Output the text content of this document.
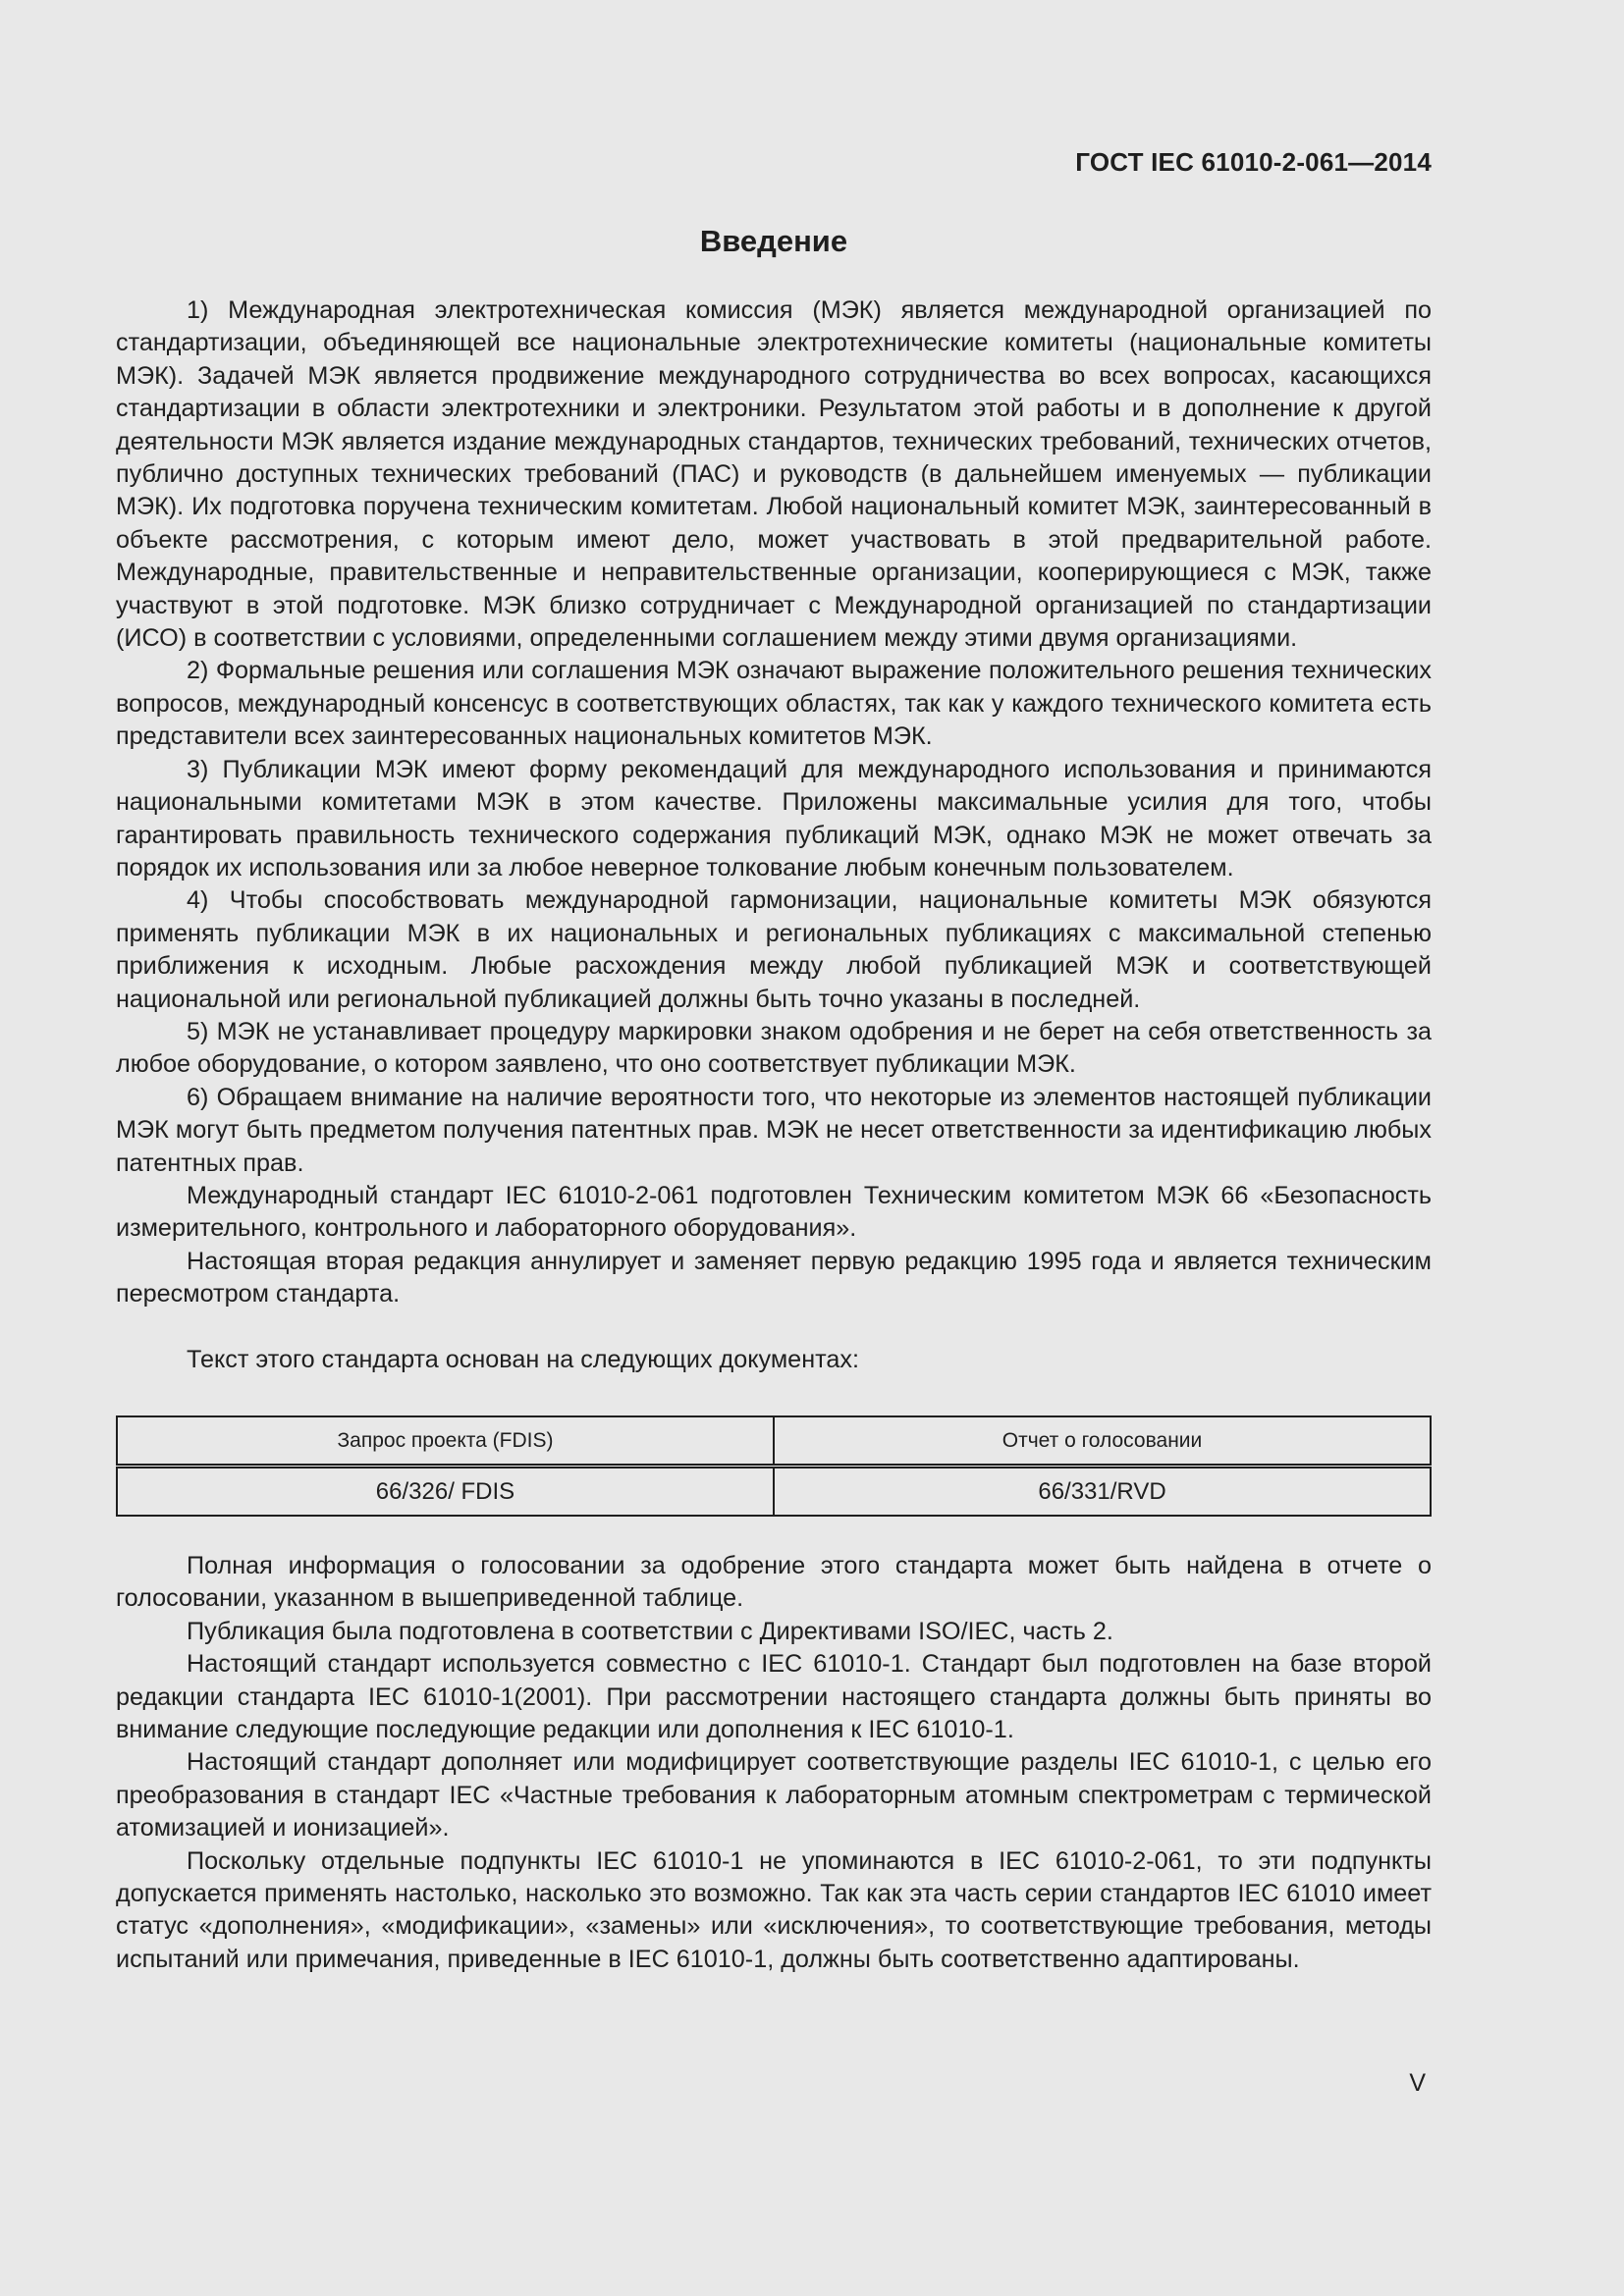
ГОСТ IEC 61010-2-061—2014
Введение

1) Международная электротехническая комиссия (МЭК) является международной организацией по стандартизации, объединяющей все национальные электротехнические комитеты (национальные комитеты МЭК). Задачей МЭК является продвижение международного сотрудничества во всех вопросах, касающихся стандартизации в области электротехники и электроники. Результатом этой работы и в дополнение к другой деятельности МЭК является издание международных стандартов, технических требований, технических отчетов, публично доступных технических требований (ПАС) и руководств (в дальнейшем именуемых — публикации МЭК). Их подготовка поручена техническим комитетам. Любой национальный комитет МЭК, заинтересованный в объекте рассмотрения, с которым имеют дело, может участвовать в этой предварительной работе. Международные, правительственные и неправительственные организации, кооперирующиеся с МЭК, также участвуют в этой подготовке. МЭК близко сотрудничает с Международной организацией по стандартизации (ИСО) в соответствии с условиями, определенными соглашением между этими двумя организациями.

2) Формальные решения или соглашения МЭК означают выражение положительного решения технических вопросов, международный консенсус в соответствующих областях, так как у каждого технического комитета есть представители всех заинтересованных национальных комитетов МЭК.

3) Публикации МЭК имеют форму рекомендаций для международного использования и принимаются национальными комитетами МЭК в этом качестве. Приложены максимальные усилия для того, чтобы гарантировать правильность технического содержания публикаций МЭК, однако МЭК не может отвечать за порядок их использования или за любое неверное толкование любым конечным пользователем.

4) Чтобы способствовать международной гармонизации, национальные комитеты МЭК обязуются применять публикации МЭК в их национальных и региональных публикациях с максимальной степенью приближения к исходным. Любые расхождения между любой публикацией МЭК и соответствующей национальной или региональной публикацией должны быть точно указаны в последней.

5) МЭК не устанавливает процедуру маркировки знаком одобрения и не берет на себя ответственность за любое оборудование, о котором заявлено, что оно соответствует публикации МЭК.

6) Обращаем внимание на наличие вероятности того, что некоторые из элементов настоящей публикации МЭК могут быть предметом получения патентных прав. МЭК не несет ответственности за идентификацию любых патентных прав.

Международный стандарт IEC 61010-2-061 подготовлен Техническим комитетом МЭК 66 «Безопасность измерительного, контрольного и лабораторного оборудования».

Настоящая вторая редакция аннулирует и заменяет первую редакцию 1995 года и является техническим пересмотром стандарта.

Текст этого стандарта основан на следующих документах:

Запрос проекта (FDIS)	Отчет о голосовании
66/326/ FDIS	66/331/RVD

Полная информация о голосовании за одобрение этого стандарта может быть найдена в отчете о голосовании, указанном в вышеприведенной таблице.

Публикация была подготовлена в соответствии с Директивами ISO/IEC, часть 2.

Настоящий стандарт используется совместно с IEC 61010-1. Стандарт был подготовлен на базе второй редакции стандарта IEC 61010-1(2001). При рассмотрении настоящего стандарта должны быть приняты во внимание следующие последующие редакции или дополнения к IEC 61010-1.

Настоящий стандарт дополняет или модифицирует соответствующие разделы IEC 61010-1, с целью его преобразования в стандарт IEC «Частные требования к лабораторным атомным спектрометрам с термической атомизацией и ионизацией».

Поскольку отдельные подпункты IEC 61010-1 не упоминаются в IEC 61010-2-061, то эти подпункты допускается применять настолько, насколько это возможно. Так как эта часть серии стандартов IEC 61010 имеет статус «дополнения», «модификации», «замены» или «исключения», то соответствующие требования, методы испытаний или примечания, приведенные в IEC 61010-1, должны быть соответственно адаптированы.

V
